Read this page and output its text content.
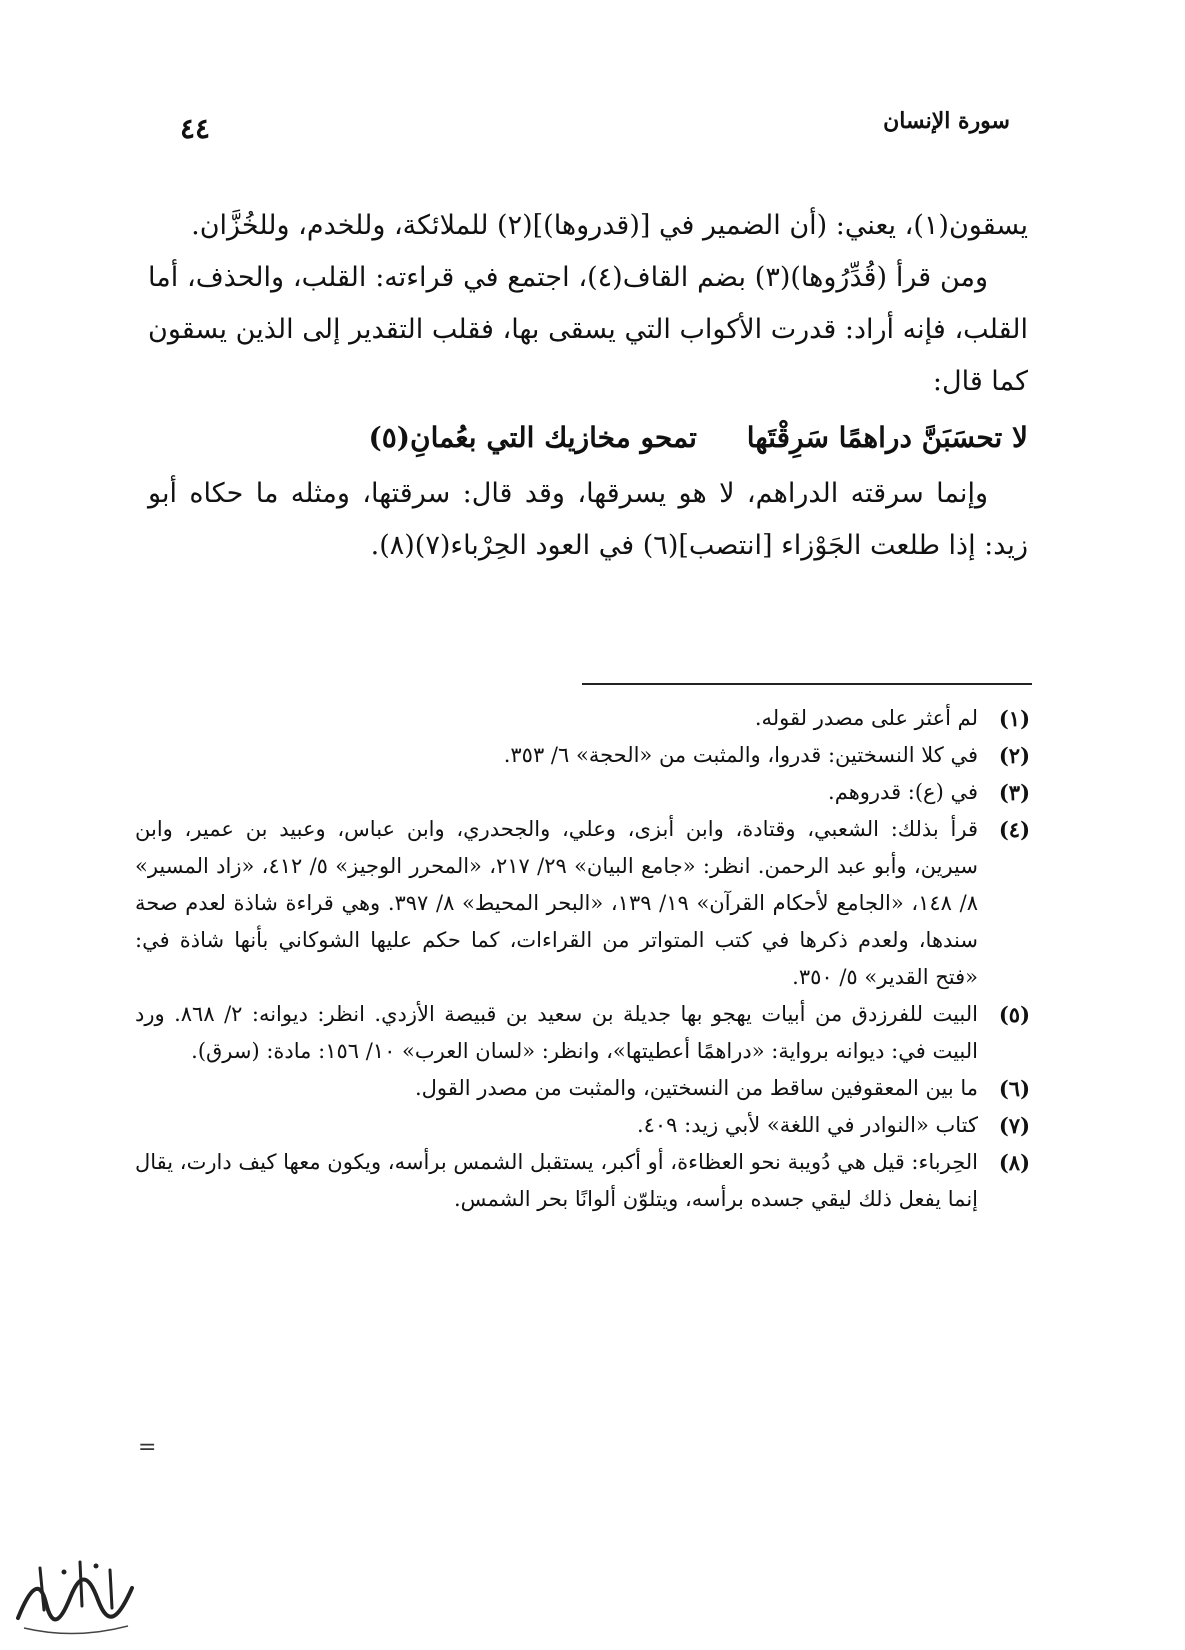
سورة الإنسان
٤٤

يسقون(١)، يعني: (أن الضمير في [(قدروها)](٢) للملائكة، وللخدم، وللخُزَّان.

ومن قرأ (قُدِّرُوها)(٣) بضم القاف(٤)، اجتمع في قراءته: القلب، والحذف، أما القلب، فإنه أراد: قدرت الأكواب التي يسقى بها، فقلب التقدير إلى الذين يسقون كما قال:

لا تحسَبَنَّ دراهمًا سَرِقْتَها تمحو مخازيك التي بعُمانِ(٥)

وإنما سرقته الدراهم، لا هو يسرقها، وقد قال: سرقتها، ومثله ما حكاه أبو زيد: إذا طلعت الجَوْزاء [انتصب](٦) في العود الحِرْباء(٧)(٨).

(١)
لم أعثر على مصدر لقوله.

(٢)
في كلا النسختين: قدروا، والمثبت من «الحجة» ٦/ ٣٥٣.

(٣)
في (ع): قدروهم.

(٤)
قرأ بذلك: الشعبي، وقتادة، وابن أبزى، وعلي، والجحدري، وابن عباس، وعبيد بن عمير، وابن سيرين، وأبو عبد الرحمن. انظر: «جامع البيان» ٢٩/ ٢١٧، «المحرر الوجيز» ٥/ ٤١٢، «زاد المسير» ٨/ ١٤٨، «الجامع لأحكام القرآن» ١٩/ ١٣٩، «البحر المحيط» ٨/ ٣٩٧. وهي قراءة شاذة لعدم صحة سندها، ولعدم ذكرها في كتب المتواتر من القراءات، كما حكم عليها الشوكاني بأنها شاذة في: «فتح القدير» ٥/ ٣٥٠.

(٥)
البيت للفرزدق من أبيات يهجو بها جديلة بن سعيد بن قبيصة الأزدي. انظر: ديوانه: ٢/ ٨٦٨. ورد البيت في: ديوانه برواية: «دراهمًا أعطيتها»، وانظر: «لسان العرب» ١٠/ ١٥٦: مادة: (سرق).

(٦)
ما بين المعقوفين ساقط من النسختين، والمثبت من مصدر القول.

(٧)
كتاب «النوادر في اللغة» لأبي زيد: ٤٠٩.

(٨)
الحِرباء: قيل هي دُويبة نحو العظاءة، أو أكبر، يستقبل الشمس برأسه، ويكون معها كيف دارت، يقال إنما يفعل ذلك ليقي جسده برأسه، ويتلوّن ألوانًا بحر الشمس.

=
